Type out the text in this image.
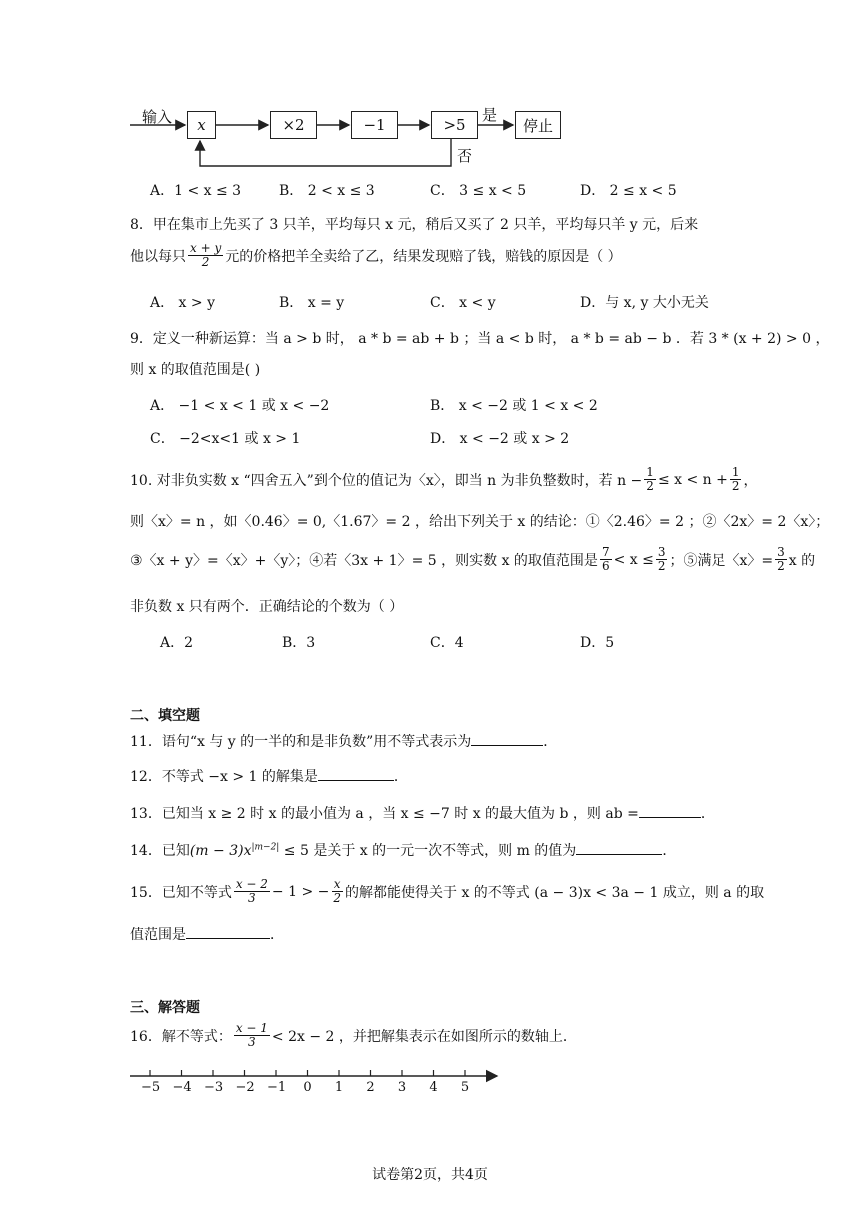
输入	x	×2	−1	>5
是
停止
否
A．1 < x ≤ 3	B． 2 < x ≤ 3	C． 3 ≤ x < 5	D． 2 ≤ x < 5
8．甲在集市上先买了 3 只羊，平均每只 x 元，稍后又买了 2 只羊，平均每只羊 y 元，后来
他以每只 $\frac{x + y}{2}$ 元的价格把羊全卖给了乙，结果发现赔了钱，赔钱的原因是（ ）
A． x > y	B． x = y	C． x < y	D．与 x, y 大小无关
9．定义一种新运算：当 a > b 时， a * b = ab + b ；当 a < b 时， a * b = ab − b ．若 3 * (x + 2) > 0 ，
则 x 的取值范围是( )
A． −1 < x < 1 或 x < −2	B． x < −2 或 1 < x < 2
C． −2<x<1 或 x > 1	D． x < −2 或 x > 2
10. 对非负实数 x “四舍五入”到个位的值记为〈x〉，即当 n 为非负整数时，若 $n - \frac{1}{2} \le x < n + \frac{1}{2}$ ，
则〈x〉= n ，如〈0.46〉= 0,〈1.67〉= 2 ，给出下列关于 x 的结论：①〈2.46〉= 2 ；②〈2x〉= 2〈x〉；
③〈x + y〉=〈x〉+〈y〉；④若〈3x + 1〉= 5 ，则实数 x 的取值范围是 $\frac{7}{6} < x \le \frac{3}{2}$ ；⑤满足〈x〉= $\frac{3}{2}$ x 的
非负数 x 只有两个．正确结论的个数为（ ）
A．2	B．3	C．4	D．5
二、填空题
11．语句“x 与 y 的一半的和是非负数”用不等式表示为	．
12．不等式 −x > 1 的解集是	．
13．已知当 x ≥ 2 时 x 的最小值为 a ，当 x ≤ −7 时 x 的最大值为 b ，则 ab =	．
14．已知$(m - 3)x^{|m-2|} \le 5$ 是关于 x 的一元一次不等式，则 m 的值为	．
15．已知不等式 $\frac{x - 2}{3} - 1$ > − $\frac{x}{2}$ 的解都能使得关于 x 的不等式 (a − 3)x < 3a − 1 成立，则 a 的取
值范围是	．
三、解答题
16．解不等式： $\frac{x - 1}{3} < 2x - 2$ ，并把解集表示在如图所示的数轴上．
−5 −4 −3 −2 −1	0	1	2	3	4	5
试卷第2页，共4页
